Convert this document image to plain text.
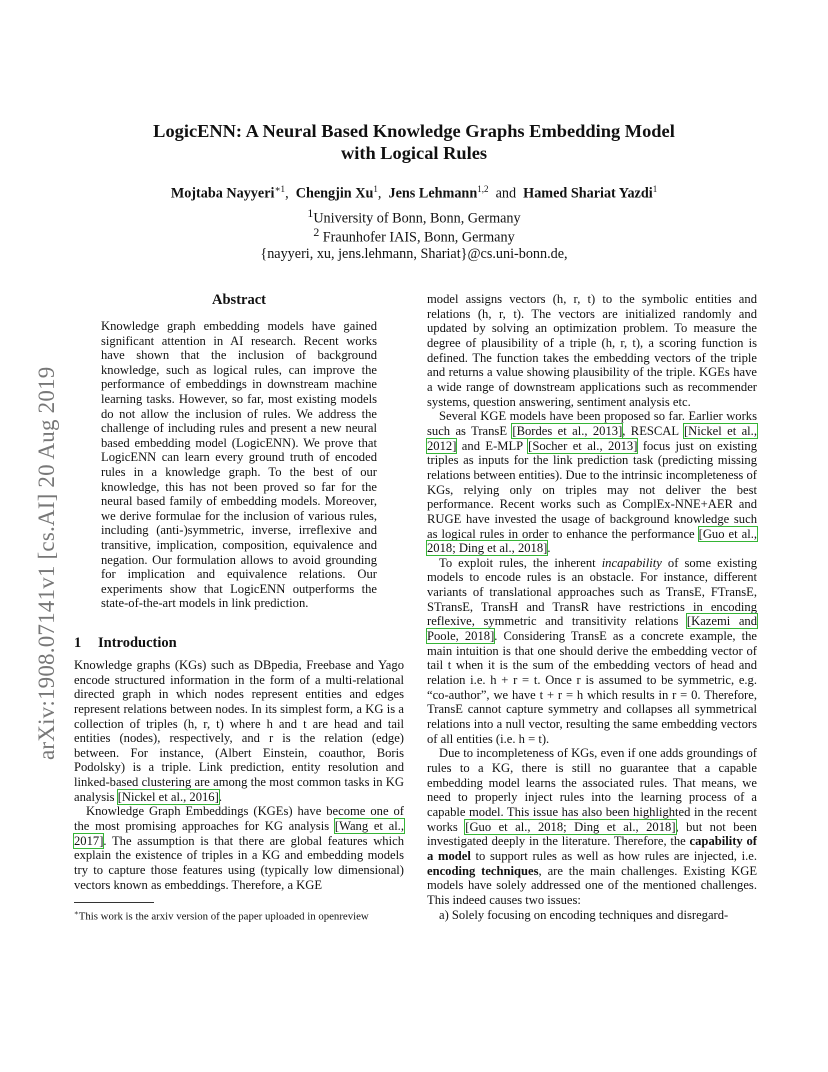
arXiv:1908.07141v1 [cs.AI] 20 Aug 2019
LogicENN: A Neural Based Knowledge Graphs Embedding Model
with Logical Rules
Mojtaba Nayyeri$^{∗1}$,  Chengjin Xu$^1$,  Jens Lehmann$^{1,2}$ and Hamed Shariat Yazdi$^1$
$^1$University of Bonn, Bonn, Germany
$^2$ Fraunhofer IAIS, Bonn, Germany
{nayyeri, xu, jens.lehmann, Shariat}@cs.uni-bonn.de,
Abstract

Knowledge graph embedding models have gained significant attention in AI research. Recent works have shown that the inclusion of background knowledge, such as logical rules, can improve the performance of embeddings in downstream machine learning tasks. However, so far, most existing models do not allow the inclusion of rules. We address the challenge of including rules and present a new neural based embedding model (LogicENN). We prove that LogicENN can learn every ground truth of encoded rules in a knowledge graph. To the best of our knowledge, this has not been proved so far for the neural based family of embedding models. Moreover, we derive formulae for the inclusion of various rules, including (anti-)symmetric, inverse, irreflexive and transitive, implication, composition, equivalence and negation. Our formulation allows to avoid grounding for implication and equivalence relations. Our experiments show that LogicENN outperforms the state-of-the-art models in link prediction.

1 Introduction

Knowledge graphs (KGs) such as DBpedia, Freebase and Yago encode structured information in the form of a multi-relational directed graph in which nodes represent entities and edges represent relations between nodes. In its simplest form, a KG is a collection of triples (h, r, t) where h and t are head and tail entities (nodes), respectively, and r is the relation (edge) between. For instance, (Albert Einstein, coauthor, Boris Podolsky) is a triple. Link prediction, entity resolution and linked-based clustering are among the most common tasks in KG analysis [Nickel et al., 2016].

Knowledge Graph Embeddings (KGEs) have become one of the most promising approaches for KG analysis [Wang et al., 2017]. The assumption is that there are global features which explain the existence of triples in a KG and embedding models try to capture those features using (typically low dimensional) vectors known as embeddings. Therefore, a KGE

∗This work is the arxiv version of the paper uploaded in openreview

model assigns vectors (h, r, t) to the symbolic entities and relations (h, r, t). The vectors are initialized randomly and updated by solving an optimization problem. To measure the degree of plausibility of a triple (h, r, t), a scoring function is defined. The function takes the embedding vectors of the triple and returns a value showing plausibility of the triple. KGEs have a wide range of downstream applications such as recommender systems, question answering, sentiment analysis etc.

Several KGE models have been proposed so far. Earlier works such as TransE [Bordes et al., 2013], RESCAL [Nickel et al., 2012] and E-MLP [Socher et al., 2013] focus just on existing triples as inputs for the link prediction task (predicting missing relations between entities). Due to the intrinsic incompleteness of KGs, relying only on triples may not deliver the best performance. Recent works such as ComplEx-NNE+AER and RUGE have invested the usage of background knowledge such as logical rules in order to enhance the performance [Guo et al., 2018; Ding et al., 2018].

To exploit rules, the inherent incapability of some existing models to encode rules is an obstacle. For instance, different variants of translational approaches such as TransE, FTransE, STransE, TransH and TransR have restrictions in encoding reflexive, symmetric and transitivity relations [Kazemi and Poole, 2018]. Considering TransE as a concrete example, the main intuition is that one should derive the embedding vector of tail t when it is the sum of the embedding vectors of head and relation i.e. h + r = t. Once r is assumed to be symmetric, e.g. “co-author”, we have t + r = h which results in r = 0. Therefore, TransE cannot capture symmetry and collapses all symmetrical relations into a null vector, resulting the same embedding vectors of all entities (i.e. h = t).

Due to incompleteness of KGs, even if one adds groundings of rules to a KG, there is still no guarantee that a capable embedding model learns the associated rules. That means, we need to properly inject rules into the learning process of a capable model. This issue has also been highlighted in the recent works [Guo et al., 2018; Ding et al., 2018], but not been investigated deeply in the literature. Therefore, the capability of a model to support rules as well as how rules are injected, i.e. encoding techniques, are the main challenges. Existing KGE models have solely addressed one of the mentioned challenges. This indeed causes two issues:

a) Solely focusing on encoding techniques and disregard-
